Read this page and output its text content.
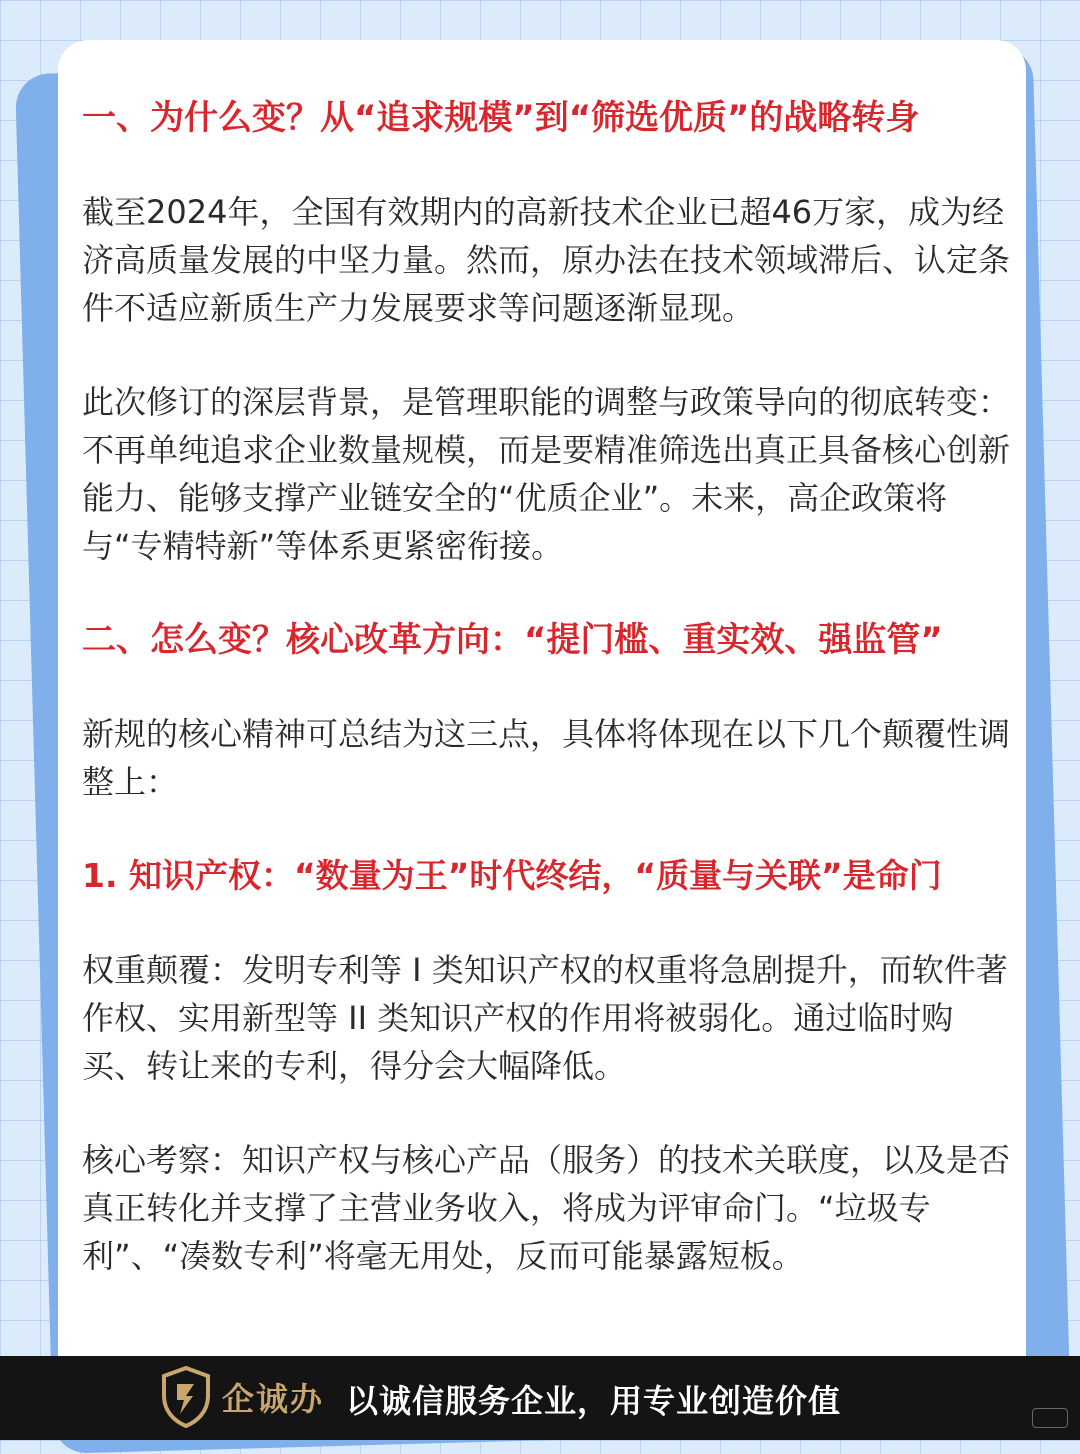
一、为什么变？从“追求规模”到“筛选优质”的战略转身

截至2024年，全国有效期内的高新技术企业已超46万家，成为经济高质量发展的中坚力量。然而，原办法在技术领域滞后、认定条件不适应新质生产力发展要求等问题逐渐显现。

此次修订的深层背景，是管理职能的调整与政策导向的彻底转变：不再单纯追求企业数量规模，而是要精准筛选出真正具备核心创新能力、能够支撑产业链安全的“优质企业”。未来，高企政策将与“专精特新”等体系更紧密衔接。

二、怎么变？核心改革方向：“提门槛、重实效、强监管”

新规的核心精神可总结为这三点，具体将体现在以下几个颠覆性调整上：

1. 知识产权：“数量为王”时代终结，“质量与关联”是命门

权重颠覆：发明专利等 I 类知识产权的权重将急剧提升，而软件著作权、实用新型等 II 类知识产权的作用将被弱化。通过临时购买、转让来的专利，得分会大幅降低。

核心考察：知识产权与核心产品（服务）的技术关联度，以及是否真正转化并支撑了主营业务收入，将成为评审命门。“垃圾专利”、“凑数专利”将毫无用处，反而可能暴露短板。

企诚办 以诚信服务企业，用专业创造价值
